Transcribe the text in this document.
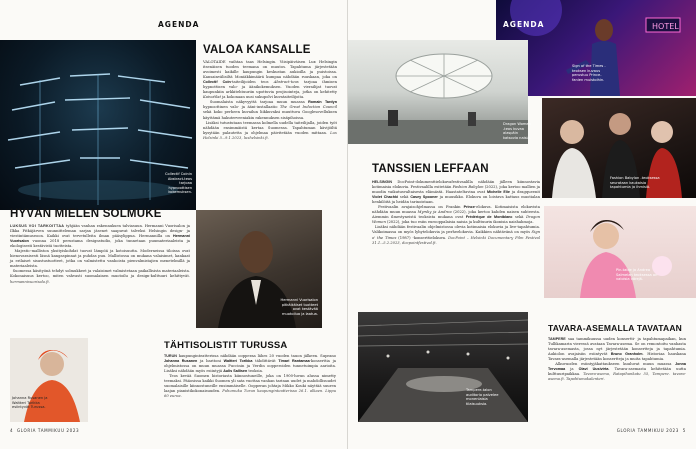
AGENDA
Collectif Coinin Abstract-teos tarjoaa hypnoottisen kokemuksen.
VALOA KANSALLE
VALOTAIDE vaihtaa taas Helsingin. Viisipäiväisen Lux Helsingin itsenäisen tuoden teemana on muutos. Tapahtuma järjestetään avoimesti kaikille kaupungin keskustan aukioilla ja puistoissa. Kansainvälisiltä Moniäkkimäärä kumpaa nähdään ruuskaan, joka on Collectif Coin-taiteilijoiden teos Abstract-teos tarjoaa ihmisen hypnottisen valo- ja äänikokemuksen. Vuoden vierailijat tuovat kaupunkiin arkkitehtuuriin upottuvia projisointeja, jotka on kehitetty Kaivotilat ja kokonaan uusi sukupolvi kuvataiteilijoita.
Suomalaista näkyvyyttä tarjoaa muun muassa Romain Tardyn hypnoottinen valo- ja ääni-installaatio The Great Indoction Council sekä koko perheen kuvailun liikkuvaksi muuttuva Googlesovelluksen käyttämä hakuterveeniakin rakennuksen sisäpihoissa.
Lisäksi tutustutaan teemassa kolmella uudella taiteilijalla, joiden työt nähdään ensimmäistä kertaa Suomessa. Tapahtuman kävijöiltä kysytään palautetta ja ohjelmaa päivitetään vuoden mittaan. Lux Helsinki 5.–9.1.2023, luxhelsinki.fi.
HYVÄN MIELEN SOLMUKE
LUKSUS VOI TARKOITTAA tyhjään vanhan rakennuksen talviasuun. Hermanni Vuorisalon ja Ilkka Pitkäjärven suunnitteleman sarjan jäsenet saapuvat talveksi Helsingin design- ja viestintämuseoon. Kaikki ovat tervetulleita ilman pääsylippua. Hermannilla on Hermanni Vuorisalon vuonna 2018 perustama designstudio, joka tunnetaan puumateriaaleista ja ekologisesti kestävistä tuotteista.
Majestic-malliston yksityiskohdat tuovat lämpöä ja kotoisuutta. Moderneissa tiloissa ovat hienovaraisesti läsnä kangaspinnat ja puhdas puu. Mallistossa on mukana valaisimet, kankaat ja erilaiset sisustustuotteet, jotka on valmistettu vanhoista pienvalmistajien menetelmillä ja materiaaleista.
Suomessa käsityönä tehdyt solmukkeet ja valaisimet valmistetaan paikallisista materiaaleista. Kokonaisuus kertoo, miten vahvasti suomalainen muotoilu ja design-kulttuuri kehittyvät. hermannivuorisalo.fi.
Hermanni Vuorisalon pitkäikäiset tuotteet ovat kestävää muotoilua ja laatua.
Johanna Rusanen ja Waltteri Torikka esiintyvät Turussa.
TÄHTISOLISTIT TURUSSA
TURUN kaupunginteatterissa nähdään oopperaa lähes 20 vuoden tauon jälkeen. Suprano Johanna Rusanen ja baritoni Waltteri Torikka tähdittävät Timari Rantamaa-konserttia ja ohjelmistossa on muun muassa Puccinin ja Verdin oopperoiden tunnetuimpia aarioita. Lisäksi nähdään myös esiintyjä Aulis Sallisen teoksia.
Teos kevää Suomen historiasta kiinnostuneille, joka on 1900-luvun alussa nimetty teemaksi. Pääosissa kaikki Suomen yli sata vuottaa vanhan tarinan uudet ja mahdollisuudet suomalaisille kiinnostuneille ensimmäiselle. Oopperan johtaja Mikko Kouki näyttää suuren laajan pianistikokonaisuuden. Puhumuka Turun kaupunginteatterissa 26.1. alkaen. Lippu 60 euroa.
4 GLORIA TAMMIKUU 2023
HOTEL
AGENDA
Sign of the Times -teoksen kuvaus perustuu Prince-fanien muistoihin.
Dragon Women -teos kuvaa alaspäin katsovia naisia.
Fashion Babylon -teoksessa seurataan kaukaisia tapahtumia ja ihmisiä.
TANSSIEN LEFFAAN
HELSINGIN DocPoint-dokumenttielokuvafestivaalilla nähdään jälleen kiinnostavia kotimaisia elokuvia. Festivaalilla esitetään Fashion Babylon (2022), joka kertoo mallien ja muodin vaikutusvaltaisesta elämästä. Haastateltavina ovat Michelle Elie ja dragqueenit Violet Chachki sekä Casey Spooner ja muusikko. Elokuva on loistava kattaus muotialan henkilöitä ja heidän tarinoistaan.
Festivaalin avajaisohjelmassa on Frankin Prince-elokuva. Kotimaisista elokuvista nähdään muun muassa Myrsky ja Andrea (2022), joka kertoo kahden naisen suhteesta. Aiemmin ilmestyneistä teoksista mukana ovat Frédérique de Montblanc sekä Dragon Women (2022), joka tuo esiin eurooppalaisia naisia ja kulttuurin ikonisia naishahmoja.
Lisäksi nähdään festivaalin ohjelmistossa olevia kotimaisia elokuvia ja live-tapahtumia. Valikoimassa on myös lyhytelokuvia ja perheelokuvia. Kaikkien nähtävänä on myös Sign o' the Times (1987) -konserttielokuva. DocPoint – Helsinki Documentary Film Festival 31.1.–5.2.2023, docpointfestival.fi.
Pin-taide ja Andrea Salmelan teoksessa on valoisia värejä.
Tampere-talon auditorio palvelee monenlaisia tilaisuuksia.
TAVARA-ASEMALLA TAVATAAN
TAMPERE saa tammikuussa uuden konsertti- ja tapahtumapaikan, kun Tullikamarin vieressä avataan Tavara-asema. Se on remontoitu vanhasta tavara-asemasta, jossa nyt järjestetään konsertteja ja tapahtumia. Aukiolon avajaisiin esiintyvät Bruno Granholm. Historiaa hauskana Tavara-asemalla järjestetään konsertteja ja muita tapahtumia.
Alkuvuoden esiintyjäkattaukseen kuuluvat muun muassa Jonna Tervomaa ja Olavi Uusivirta. Tavara-asemasta kehitetään uutta kulttuuripaikkaa. Tavara-asema, Ratapihankatu 55, Tampere. tavara-asema.fi. Tapahtumakalenteri.
GLORIA TAMMIKUU 2023 5
